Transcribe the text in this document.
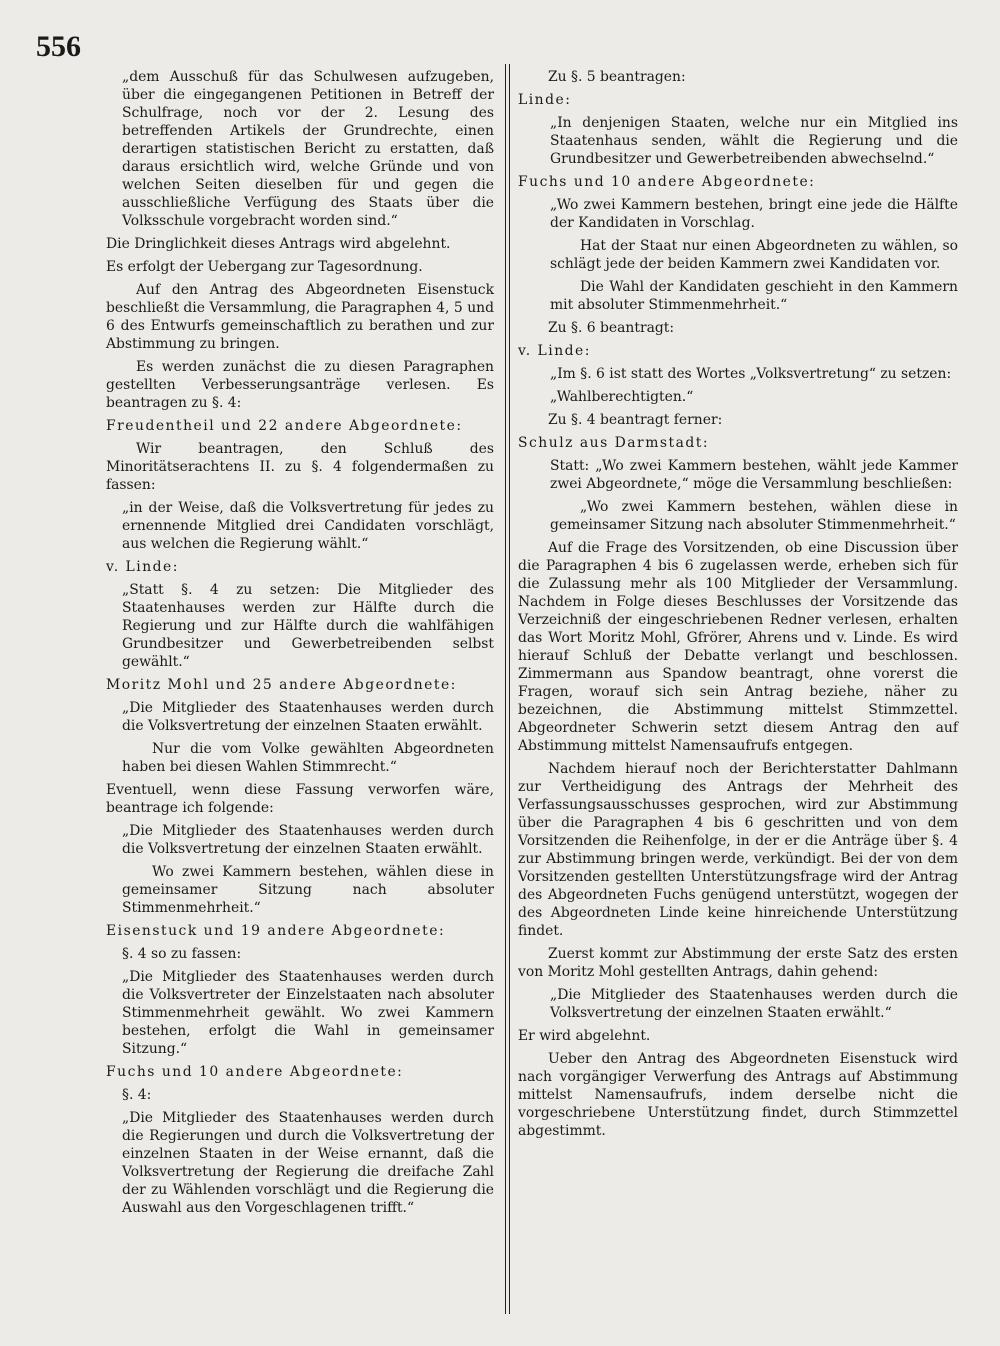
556

„dem Ausschuß für das Schulwesen aufzugeben, über die eingegangenen Petitionen in Betreff der Schulfrage, noch vor der 2. Lesung des betreffenden Artikels der Grundrechte, einen derartigen statistischen Bericht zu erstatten, daß daraus ersichtlich wird, welche Gründe und von welchen Seiten dieselben für und gegen die ausschließliche Verfügung des Staats über die Volksschule vorgebracht worden sind.“

Die Dringlichkeit dieses Antrags wird abgelehnt.

Es erfolgt der Uebergang zur Tagesordnung.

Auf den Antrag des Abgeordneten Eisenstuck beschließt die Versammlung, die Paragraphen 4, 5 und 6 des Entwurfs gemeinschaftlich zu berathen und zur Abstimmung zu bringen.

Es werden zunächst die zu diesen Paragraphen gestellten Verbesserungsanträge verlesen. Es beantragen zu §. 4:

Freudentheil und 22 andere Abgeordnete:

Wir beantragen, den Schluß des Minoritätserachtens II. zu §. 4 folgendermaßen zu fassen:

„in der Weise, daß die Volksvertretung für jedes zu ernennende Mitglied drei Candidaten vorschlägt, aus welchen die Regierung wählt.“

v. Linde:

„Statt §. 4 zu setzen: Die Mitglieder des Staatenhauses werden zur Hälfte durch die Regierung und zur Hälfte durch die wahlfähigen Grundbesitzer und Gewerbetreibenden selbst gewählt.“

Moritz Mohl und 25 andere Abgeordnete:

„Die Mitglieder des Staatenhauses werden durch die Volksvertretung der einzelnen Staaten erwählt.

Nur die vom Volke gewählten Abgeordneten haben bei diesen Wahlen Stimmrecht.“

Eventuell, wenn diese Fassung verworfen wäre, beantrage ich folgende:

„Die Mitglieder des Staatenhauses werden durch die Volksvertretung der einzelnen Staaten erwählt.

Wo zwei Kammern bestehen, wählen diese in gemeinsamer Sitzung nach absoluter Stimmenmehrheit.“

Eisenstuck und 19 andere Abgeordnete:

§. 4 so zu fassen:

„Die Mitglieder des Staatenhauses werden durch die Volksvertreter der Einzelstaaten nach absoluter Stimmenmehrheit gewählt. Wo zwei Kammern bestehen, erfolgt die Wahl in gemeinsamer Sitzung.“

Fuchs und 10 andere Abgeordnete:

§. 4:

„Die Mitglieder des Staatenhauses werden durch die Regierungen und durch die Volksvertretung der einzelnen Staaten in der Weise ernannt, daß die Volksvertretung der Regierung die dreifache Zahl der zu Wählenden vorschlägt und die Regierung die Auswahl aus den Vorgeschlagenen trifft.“

Zu §. 5 beantragen:

Linde:

„In denjenigen Staaten, welche nur ein Mitglied ins Staatenhaus senden, wählt die Regierung und die Grundbesitzer und Gewerbetreibenden abwechselnd.“

Fuchs und 10 andere Abgeordnete:

„Wo zwei Kammern bestehen, bringt eine jede die Hälfte der Kandidaten in Vorschlag.

Hat der Staat nur einen Abgeordneten zu wählen, so schlägt jede der beiden Kammern zwei Kandidaten vor.

Die Wahl der Kandidaten geschieht in den Kammern mit absoluter Stimmenmehrheit.“

Zu §. 6 beantragt:

v. Linde:

„Im §. 6 ist statt des Wortes „Volksvertretung“ zu setzen:

„Wahlberechtigten.“

Zu §. 4 beantragt ferner:

Schulz aus Darmstadt:

Statt: „Wo zwei Kammern bestehen, wählt jede Kammer zwei Abgeordnete,“ möge die Versammlung beschließen:

„Wo zwei Kammern bestehen, wählen diese in gemeinsamer Sitzung nach absoluter Stimmenmehrheit.“

Auf die Frage des Vorsitzenden, ob eine Discussion über die Paragraphen 4 bis 6 zugelassen werde, erheben sich für die Zulassung mehr als 100 Mitglieder der Versammlung. Nachdem in Folge dieses Beschlusses der Vorsitzende das Verzeichniß der eingeschriebenen Redner verlesen, erhalten das Wort Moritz Mohl, Gfrörer, Ahrens und v. Linde. Es wird hierauf Schluß der Debatte verlangt und beschlossen. Zimmermann aus Spandow beantragt, ohne vorerst die Fragen, worauf sich sein Antrag beziehe, näher zu bezeichnen, die Abstimmung mittelst Stimmzettel. Abgeordneter Schwerin setzt diesem Antrag den auf Abstimmung mittelst Namensaufrufs entgegen.

Nachdem hierauf noch der Berichterstatter Dahlmann zur Vertheidigung des Antrags der Mehrheit des Verfassungsausschusses gesprochen, wird zur Abstimmung über die Paragraphen 4 bis 6 geschritten und von dem Vorsitzenden die Reihenfolge, in der er die Anträge über §. 4 zur Abstimmung bringen werde, verkündigt. Bei der von dem Vorsitzenden gestellten Unterstützungsfrage wird der Antrag des Abgeordneten Fuchs genügend unterstützt, wogegen der des Abgeordneten Linde keine hinreichende Unterstützung findet.

Zuerst kommt zur Abstimmung der erste Satz des ersten von Moritz Mohl gestellten Antrags, dahin gehend:

„Die Mitglieder des Staatenhauses werden durch die Volksvertretung der einzelnen Staaten erwählt.“

Er wird abgelehnt.

Ueber den Antrag des Abgeordneten Eisenstuck wird nach vorgängiger Verwerfung des Antrags auf Abstimmung mittelst Namensaufrufs, indem derselbe nicht die vorgeschriebene Unterstützung findet, durch Stimmzettel abgestimmt.
